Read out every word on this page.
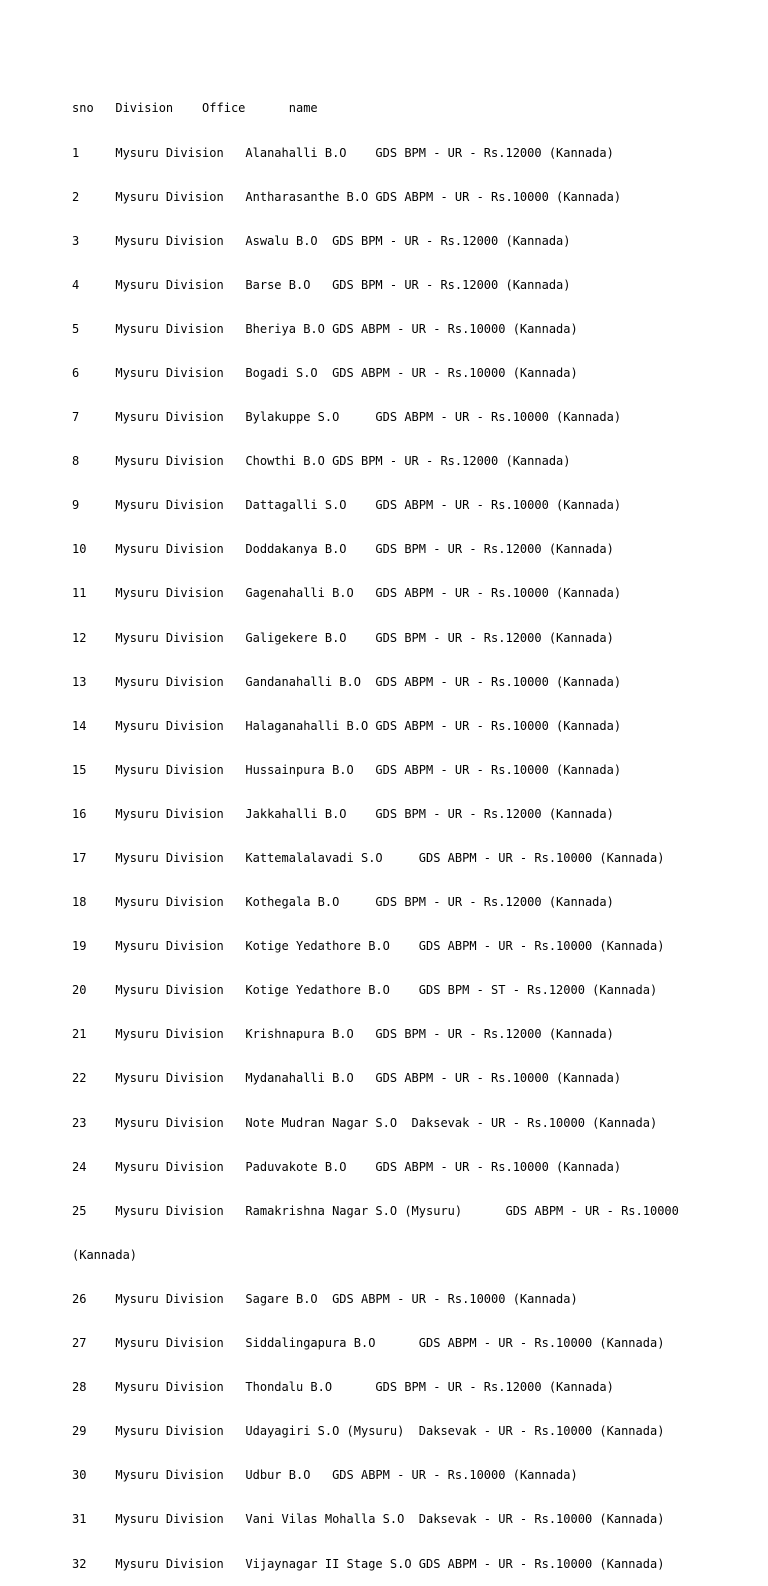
sno   Division    Office      name

1     Mysuru Division   Alanahalli B.O    GDS BPM - UR - Rs.12000 (Kannada)

2     Mysuru Division   Antharasanthe B.O GDS ABPM - UR - Rs.10000 (Kannada)

3     Mysuru Division   Aswalu B.O  GDS BPM - UR - Rs.12000 (Kannada)

4     Mysuru Division   Barse B.O   GDS BPM - UR - Rs.12000 (Kannada)

5     Mysuru Division   Bheriya B.O GDS ABPM - UR - Rs.10000 (Kannada)

6     Mysuru Division   Bogadi S.O  GDS ABPM - UR - Rs.10000 (Kannada)

7     Mysuru Division   Bylakuppe S.O     GDS ABPM - UR - Rs.10000 (Kannada)

8     Mysuru Division   Chowthi B.O GDS BPM - UR - Rs.12000 (Kannada)

9     Mysuru Division   Dattagalli S.O    GDS ABPM - UR - Rs.10000 (Kannada)

10    Mysuru Division   Doddakanya B.O    GDS BPM - UR - Rs.12000 (Kannada)

11    Mysuru Division   Gagenahalli B.O   GDS ABPM - UR - Rs.10000 (Kannada)

12    Mysuru Division   Galigekere B.O    GDS BPM - UR - Rs.12000 (Kannada)

13    Mysuru Division   Gandanahalli B.O  GDS ABPM - UR - Rs.10000 (Kannada)

14    Mysuru Division   Halaganahalli B.O GDS ABPM - UR - Rs.10000 (Kannada)

15    Mysuru Division   Hussainpura B.O   GDS ABPM - UR - Rs.10000 (Kannada)

16    Mysuru Division   Jakkahalli B.O    GDS BPM - UR - Rs.12000 (Kannada)

17    Mysuru Division   Kattemalalavadi S.O     GDS ABPM - UR - Rs.10000 (Kannada)

18    Mysuru Division   Kothegala B.O     GDS BPM - UR - Rs.12000 (Kannada)

19    Mysuru Division   Kotige Yedathore B.O    GDS ABPM - UR - Rs.10000 (Kannada)

20    Mysuru Division   Kotige Yedathore B.O    GDS BPM - ST - Rs.12000 (Kannada)

21    Mysuru Division   Krishnapura B.O   GDS BPM - UR - Rs.12000 (Kannada)

22    Mysuru Division   Mydanahalli B.O   GDS ABPM - UR - Rs.10000 (Kannada)

23    Mysuru Division   Note Mudran Nagar S.O  Daksevak - UR - Rs.10000 (Kannada)

24    Mysuru Division   Paduvakote B.O    GDS ABPM - UR - Rs.10000 (Kannada)

25    Mysuru Division   Ramakrishna Nagar S.O (Mysuru)      GDS ABPM - UR - Rs.10000

(Kannada)

26    Mysuru Division   Sagare B.O  GDS ABPM - UR - Rs.10000 (Kannada)

27    Mysuru Division   Siddalingapura B.O      GDS ABPM - UR - Rs.10000 (Kannada)

28    Mysuru Division   Thondalu B.O      GDS BPM - UR - Rs.12000 (Kannada)

29    Mysuru Division   Udayagiri S.O (Mysuru)  Daksevak - UR - Rs.10000 (Kannada)

30    Mysuru Division   Udbur B.O   GDS ABPM - UR - Rs.10000 (Kannada)

31    Mysuru Division   Vani Vilas Mohalla S.O  Daksevak - UR - Rs.10000 (Kannada)

32    Mysuru Division   Vijaynagar II Stage S.O GDS ABPM - UR - Rs.10000 (Kannada)
